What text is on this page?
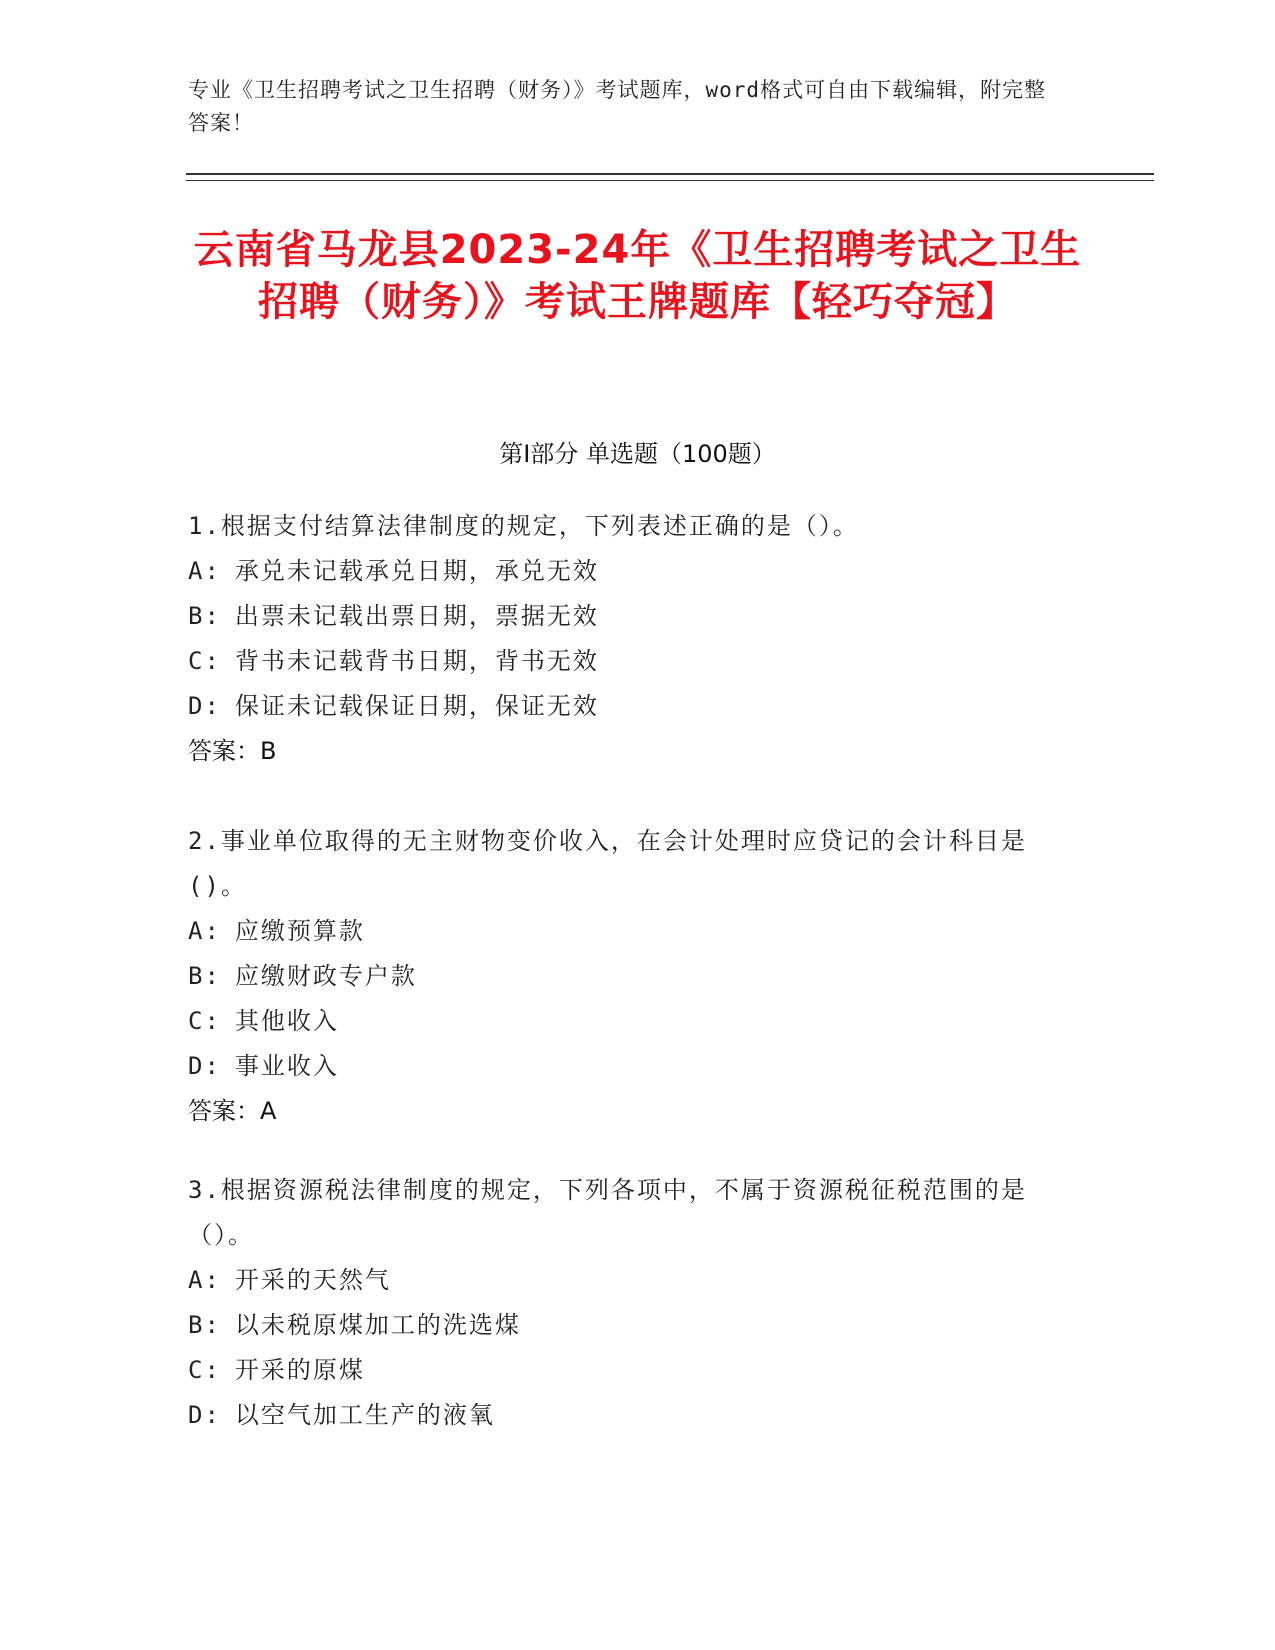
专业《卫生招聘考试之卫生招聘（财务）》考试题库，word格式可自由下载编辑，附完整答案！
云南省马龙县2023-24年《卫生招聘考试之卫生招聘（财务）》考试王牌题库【轻巧夺冠】
第Ⅰ部分 单选题（100题）
1.根据支付结算法律制度的规定，下列表述正确的是（）。
A: 承兑未记载承兑日期，承兑无效
B: 出票未记载出票日期，票据无效
C: 背书未记载背书日期，背书无效
D: 保证未记载保证日期，保证无效
答案：B
2.事业单位取得的无主财物变价收入，在会计处理时应贷记的会计科目是()。
A: 应缴预算款
B: 应缴财政专户款
C: 其他收入
D: 事业收入
答案：A
3.根据资源税法律制度的规定，下列各项中，不属于资源税征税范围的是（）。
A: 开采的天然气
B: 以未税原煤加工的洗选煤
C: 开采的原煤
D: 以空气加工生产的液氧
